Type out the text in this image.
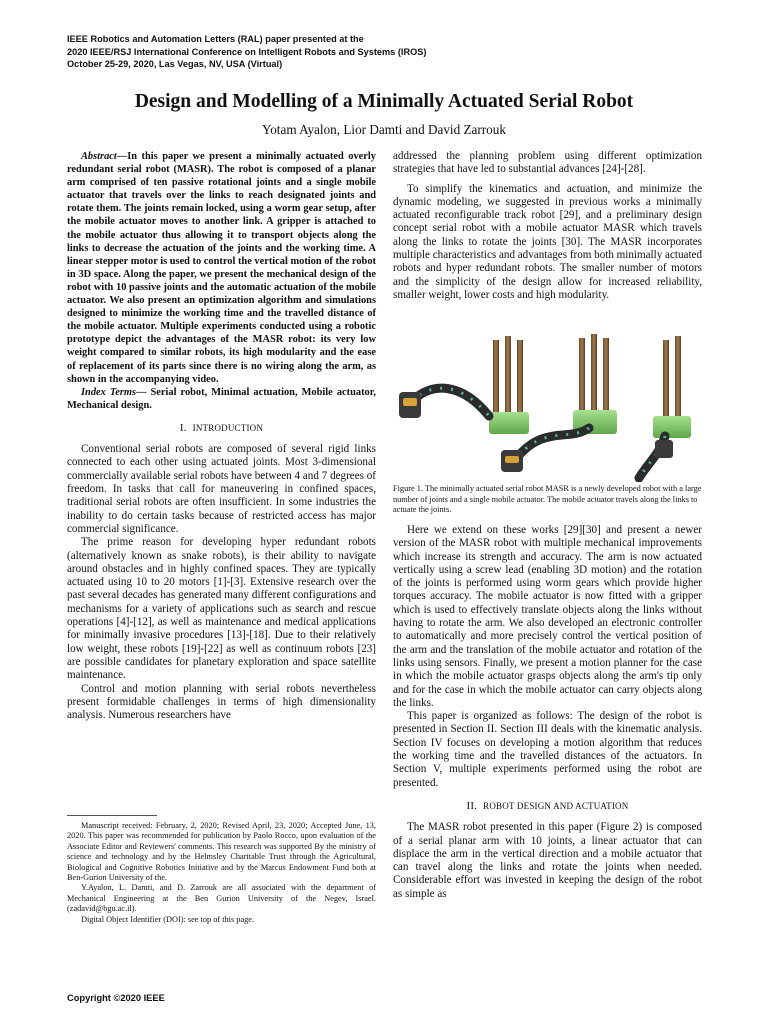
IEEE Robotics and Automation Letters (RAL) paper presented at the
2020 IEEE/RSJ International Conference on Intelligent Robots and Systems (IROS)
October 25-29, 2020, Las Vegas, NV, USA (Virtual)
Design and Modelling of a Minimally Actuated Serial Robot
Yotam Ayalon, Lior Damti and David Zarrouk

Abstract—In this paper we present a minimally actuated overly redundant serial robot (MASR). The robot is composed of a planar arm comprised of ten passive rotational joints and a single mobile actuator that travels over the links to reach designated joints and rotate them. The joints remain locked, using a worm gear setup, after the mobile actuator moves to another link. A gripper is attached to the mobile actuator thus allowing it to transport objects along the links to decrease the actuation of the joints and the working time. A linear stepper motor is used to control the vertical motion of the robot in 3D space. Along the paper, we present the mechanical design of the robot with 10 passive joints and the automatic actuation of the mobile actuator. We also present an optimization algorithm and simulations designed to minimize the working time and the travelled distance of the mobile actuator. Multiple experiments conducted using a robotic prototype depict the advantages of the MASR robot: its very low weight compared to similar robots, its high modularity and the ease of replacement of its parts since there is no wiring along the arm, as shown in the accompanying video.

Index Terms— Serial robot, Minimal actuation, Mobile actuator, Mechanical design.

I. INTRODUCTION

Conventional serial robots are composed of several rigid links connected to each other using actuated joints. Most 3-dimensional commercially available serial robots have between 4 and 7 degrees of freedom. In tasks that call for maneuvering in confined spaces, traditional serial robots are often insufficient. In some industries the inability to do certain tasks because of restricted access has major commercial significance.

The prime reason for developing hyper redundant robots (alternatively known as snake robots), is their ability to navigate around obstacles and in highly confined spaces. They are typically actuated using 10 to 20 motors [1]-[3]. Extensive research over the past several decades has generated many different configurations and mechanisms for a variety of applications such as search and rescue operations [4]-[12], as well as maintenance and medical applications for minimally invasive procedures [13]-[18]. Due to their relatively low weight, these robots [19]-[22] as well as continuum robots [23] are possible candidates for planetary exploration and space satellite maintenance.

Control and motion planning with serial robots nevertheless present formidable challenges in terms of high dimensionality analysis. Numerous researchers have

Manuscript received: February, 2, 2020; Revised April, 23, 2020; Accepted June, 13, 2020. This paper was recommended for publication by Paolo Rocco, upon evaluation of the Associate Editor and Reviewers' comments. This research was supported By the ministry of science and technology and by the Helmsley Charitable Trust through the Agricultural, Biological and Cognitive Robotics Initiative and by the Marcus Endowment Fund both at Ben-Gurion University of the.

Y.Ayalon, L. Damti, and D. Zarrouk are all associated with the department of Mechanical Engineering at the Ben Gurion University of the Negev, Israel. (zadavid@bgu.ac.il).

Digital Object Identifier (DOI): see top of this page.

addressed the planning problem using different optimization strategies that have led to substantial advances [24]-[28].

To simplify the kinematics and actuation, and minimize the dynamic modeling, we suggested in previous works a minimally actuated reconfigurable track robot [29], and a preliminary design concept serial robot with a mobile actuator MASR which travels along the links to rotate the joints [30]. The MASR incorporates multiple characteristics and advantages from both minimally actuated robots and hyper redundant robots. The smaller number of motors and the simplicity of the design allow for increased reliability, smaller weight, lower costs and high modularity.

Figure 1. The minimally actuated serial robot MASR is a newly developed robot with a large number of joints and a single mobile actuator. The mobile actuator travels along the links to actuate the joints.

Here we extend on these works [29][30] and present a newer version of the MASR robot with multiple mechanical improvements which increase its strength and accuracy. The arm is now actuated vertically using a screw lead (enabling 3D motion) and the rotation of the joints is performed using worm gears which provide higher torques accuracy. The mobile actuator is now fitted with a gripper which is used to effectively translate objects along the links without having to rotate the arm. We also developed an electronic controller to automatically and more precisely control the vertical position of the arm and the translation of the mobile actuator and rotation of the links using sensors. Finally, we present a motion planner for the case in which the mobile actuator grasps objects along the arm's tip only and for the case in which the mobile actuator can carry objects along the links.

This paper is organized as follows: The design of the robot is presented in Section II. Section III deals with the kinematic analysis. Section IV focuses on developing a motion algorithm that reduces the working time and the travelled distances of the actuators. In Section V, multiple experiments performed using the robot are presented.

II. ROBOT DESIGN AND ACTUATION

The MASR robot presented in this paper (Figure 2) is composed of a serial planar arm with 10 joints, a linear actuator that can displace the arm in the vertical direction and a mobile actuator that can travel along the links and rotate the joints when needed. Considerable effort was invested in keeping the design of the robot as simple as

Copyright ©2020 IEEE
